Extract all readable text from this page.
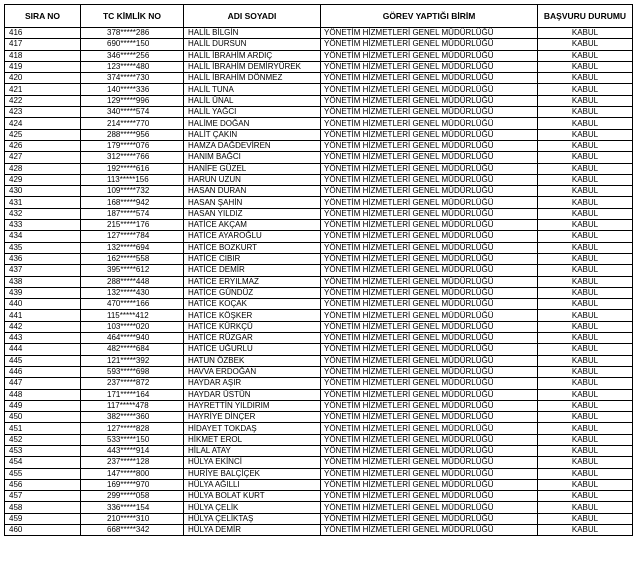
SIRA NO	TC KİMLİK NO	ADI SOYADI	GÖREV YAPTIĞI BİRİM	BAŞVURU DURUMU
416	378*****286	HALİL BİLGİN	YÖNETİM HİZMETLERİ GENEL MÜDÜRLÜĞÜ	KABUL
417	690*****150	HALİL DURSUN	YÖNETİM HİZMETLERİ GENEL MÜDÜRLÜĞÜ	KABUL
418	346*****256	HALİL İBRAHİM ARDIÇ	YÖNETİM HİZMETLERİ GENEL MÜDÜRLÜĞÜ	KABUL
419	123*****480	HALİL İBRAHİM DEMİRYÜREK	YÖNETİM HİZMETLERİ GENEL MÜDÜRLÜĞÜ	KABUL
420	374*****730	HALİL İBRAHİM DÖNMEZ	YÖNETİM HİZMETLERİ GENEL MÜDÜRLÜĞÜ	KABUL
421	140*****336	HALİL TUNA	YÖNETİM HİZMETLERİ GENEL MÜDÜRLÜĞÜ	KABUL
422	129*****996	HALİL ÜNAL	YÖNETİM HİZMETLERİ GENEL MÜDÜRLÜĞÜ	KABUL
423	340*****574	HALİL YAĞCI	YÖNETİM HİZMETLERİ GENEL MÜDÜRLÜĞÜ	KABUL
424	214*****770	HALİME DOĞAN	YÖNETİM HİZMETLERİ GENEL MÜDÜRLÜĞÜ	KABUL
425	288*****956	HALİT ÇAKIN	YÖNETİM HİZMETLERİ GENEL MÜDÜRLÜĞÜ	KABUL
426	179*****076	HAMZA DAĞDEVİREN	YÖNETİM HİZMETLERİ GENEL MÜDÜRLÜĞÜ	KABUL
427	312*****766	HANIM BAĞCI	YÖNETİM HİZMETLERİ GENEL MÜDÜRLÜĞÜ	KABUL
428	192*****616	HANİFE GÜZEL	YÖNETİM HİZMETLERİ GENEL MÜDÜRLÜĞÜ	KABUL
429	113*****156	HARUN UZUN	YÖNETİM HİZMETLERİ GENEL MÜDÜRLÜĞÜ	KABUL
430	109*****732	HASAN DURAN	YÖNETİM HİZMETLERİ GENEL MÜDÜRLÜĞÜ	KABUL
431	168*****942	HASAN ŞAHİN	YÖNETİM HİZMETLERİ GENEL MÜDÜRLÜĞÜ	KABUL
432	187*****574	HASAN YILDIZ	YÖNETİM HİZMETLERİ GENEL MÜDÜRLÜĞÜ	KABUL
433	215*****176	HATİCE AKÇAM	YÖNETİM HİZMETLERİ GENEL MÜDÜRLÜĞÜ	KABUL
434	127*****784	HATİCE AYAROĞLU	YÖNETİM HİZMETLERİ GENEL MÜDÜRLÜĞÜ	KABUL
435	132*****694	HATİCE BOZKURT	YÖNETİM HİZMETLERİ GENEL MÜDÜRLÜĞÜ	KABUL
436	162*****558	HATİCE CIBIR	YÖNETİM HİZMETLERİ GENEL MÜDÜRLÜĞÜ	KABUL
437	395*****612	HATİCE DEMİR	YÖNETİM HİZMETLERİ GENEL MÜDÜRLÜĞÜ	KABUL
438	288*****448	HATİCE ERYILMAZ	YÖNETİM HİZMETLERİ GENEL MÜDÜRLÜĞÜ	KABUL
439	132*****430	HATİCE GÜNDÜZ	YÖNETİM HİZMETLERİ GENEL MÜDÜRLÜĞÜ	KABUL
440	470*****166	HATİCE KOÇAK	YÖNETİM HİZMETLERİ GENEL MÜDÜRLÜĞÜ	KABUL
441	115*****412	HATİCE KÖŞKER	YÖNETİM HİZMETLERİ GENEL MÜDÜRLÜĞÜ	KABUL
442	103*****020	HATİCE KÜRKÇÜ	YÖNETİM HİZMETLERİ GENEL MÜDÜRLÜĞÜ	KABUL
443	464*****940	HATİCE RÜZGAR	YÖNETİM HİZMETLERİ GENEL MÜDÜRLÜĞÜ	KABUL
444	482*****684	HATİCE UĞURLU	YÖNETİM HİZMETLERİ GENEL MÜDÜRLÜĞÜ	KABUL
445	121*****392	HATUN ÖZBEK	YÖNETİM HİZMETLERİ GENEL MÜDÜRLÜĞÜ	KABUL
446	593*****698	HAVVA ERDOĞAN	YÖNETİM HİZMETLERİ GENEL MÜDÜRLÜĞÜ	KABUL
447	237*****872	HAYDAR AŞIR	YÖNETİM HİZMETLERİ GENEL MÜDÜRLÜĞÜ	KABUL
448	171*****164	HAYDAR ÜSTÜN	YÖNETİM HİZMETLERİ GENEL MÜDÜRLÜĞÜ	KABUL
449	117*****478	HAYRETTİN YILDIRIM	YÖNETİM HİZMETLERİ GENEL MÜDÜRLÜĞÜ	KABUL
450	382*****360	HAYRİYE DİNÇER	YÖNETİM HİZMETLERİ GENEL MÜDÜRLÜĞÜ	KABUL
451	127*****828	HİDAYET TOKDAŞ	YÖNETİM HİZMETLERİ GENEL MÜDÜRLÜĞÜ	KABUL
452	533*****150	HİKMET EROL	YÖNETİM HİZMETLERİ GENEL MÜDÜRLÜĞÜ	KABUL
453	443*****914	HİLAL ATAY	YÖNETİM HİZMETLERİ GENEL MÜDÜRLÜĞÜ	KABUL
454	237*****128	HÜLYA EKİNCİ	YÖNETİM HİZMETLERİ GENEL MÜDÜRLÜĞÜ	KABUL
455	147*****800	HURİYE BALÇİÇEK	YÖNETİM HİZMETLERİ GENEL MÜDÜRLÜĞÜ	KABUL
456	169*****970	HÜLYA AĞILLI	YÖNETİM HİZMETLERİ GENEL MÜDÜRLÜĞÜ	KABUL
457	299*****058	HÜLYA BOLAT KURT	YÖNETİM HİZMETLERİ GENEL MÜDÜRLÜĞÜ	KABUL
458	336*****154	HÜLYA ÇELİK	YÖNETİM HİZMETLERİ GENEL MÜDÜRLÜĞÜ	KABUL
459	210*****310	HÜLYA ÇELİKTAŞ	YÖNETİM HİZMETLERİ GENEL MÜDÜRLÜĞÜ	KABUL
460	668*****342	HÜLYA DEMİR	YÖNETİM HİZMETLERİ GENEL MÜDÜRLÜĞÜ	KABUL
